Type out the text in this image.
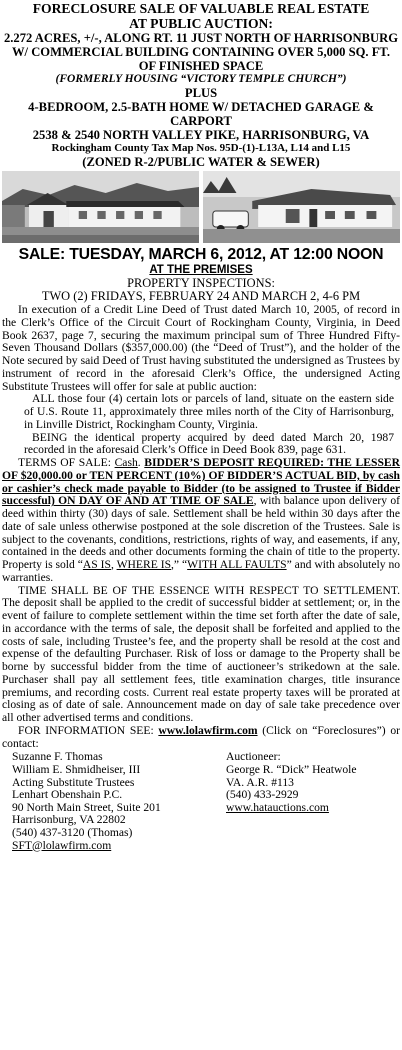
FORECLOSURE SALE OF VALUABLE REAL ESTATE
AT PUBLIC AUCTION:
2.272 ACRES, +/-, ALONG RT. 11 JUST NORTH OF HARRISONBURG
W/ COMMERCIAL BUILDING CONTAINING OVER 5,000 SQ. FT.
OF FINISHED SPACE
(FORMERLY HOUSING “VICTORY TEMPLE CHURCH”)
PLUS
4-BEDROOM, 2.5-BATH HOME W/ DETACHED GARAGE & CARPORT
2538 & 2540 NORTH VALLEY PIKE, HARRISONBURG, VA
Rockingham County Tax Map Nos. 95D-(1)-L13A, L14 and L15
(ZONED R-2/PUBLIC WATER & SEWER)
SALE: TUESDAY, MARCH 6, 2012, AT 12:00 NOON
AT THE PREMISES
PROPERTY INSPECTIONS:
TWO (2) FRIDAYS, FEBRUARY 24 AND MARCH 2, 4-6 PM

In execution of a Credit Line Deed of Trust dated March 10, 2005, of record in the Clerk’s Office of the Circuit Court of Rockingham County, Virginia, in Deed Book 2637, page 7, securing the maximum principal sum of Three Hundred Fifty-Seven Thousand Dollars ($357,000.00) (the “Deed of Trust”), and the holder of the Note secured by said Deed of Trust having substituted the undersigned as Trustees by instrument of record in the aforesaid Clerk’s Office, the undersigned Acting Substitute Trustees will offer for sale at public auction:

ALL those four (4) certain lots or parcels of land, situate on the eastern side of U.S. Route 11, approximately three miles north of the City of Harrisonburg, in Linville District, Rockingham County, Virginia.

BEING the identical property acquired by deed dated March 20, 1987 recorded in the aforesaid Clerk’s Office in Deed Book 839, page 631.

TERMS OF SALE: Cash. BIDDER’S DEPOSIT REQUIRED: THE LESSER OF $20,000.00 or TEN PERCENT (10%) OF BIDDER’S ACTUAL BID, by cash or cashier’s check made payable to Bidder (to be assigned to Trustee if Bidder successful) ON DAY OF AND AT TIME OF SALE, with balance upon delivery of deed within thirty (30) days of sale. Settlement shall be held within 30 days after the date of sale unless otherwise postponed at the sole discretion of the Trustees. Sale is subject to the covenants, conditions, restrictions, rights of way, and easements, if any, contained in the deeds and other documents forming the chain of title to the property. Property is sold “AS IS, WHERE IS,” “WITH ALL FAULTS” and with absolutely no warranties.

TIME SHALL BE OF THE ESSENCE WITH RESPECT TO SETTLEMENT. The deposit shall be applied to the credit of successful bidder at settlement; or, in the event of failure to complete settlement within the time set forth after the date of sale, in accordance with the terms of sale, the deposit shall be forfeited and applied to the costs of sale, including Trustee’s fee, and the property shall be resold at the cost and expense of the defaulting Purchaser. Risk of loss or damage to the Property shall be borne by successful bidder from the time of auctioneer’s strikedown at the sale. Purchaser shall pay all settlement fees, title examination charges, title insurance premiums, and recording costs. Current real estate property taxes will be prorated at closing as of date of sale. Announcement made on day of sale take precedence over all other advertised terms and conditions.

FOR INFORMATION SEE: www.lolawfirm.com (Click on “Foreclosures”) or contact:

Suzanne F. Thomas
William E. Shmidheiser, III
Acting Substitute Trustees
Lenhart Obenshain P.C.
90 North Main Street, Suite 201
Harrisonburg, VA 22802
(540) 437-3120 (Thomas)
SFT@lolawfirm.com
Auctioneer:
George R. “Dick” Heatwole
VA. A.R. #113
(540) 433-2929
www.hatauctions.com
